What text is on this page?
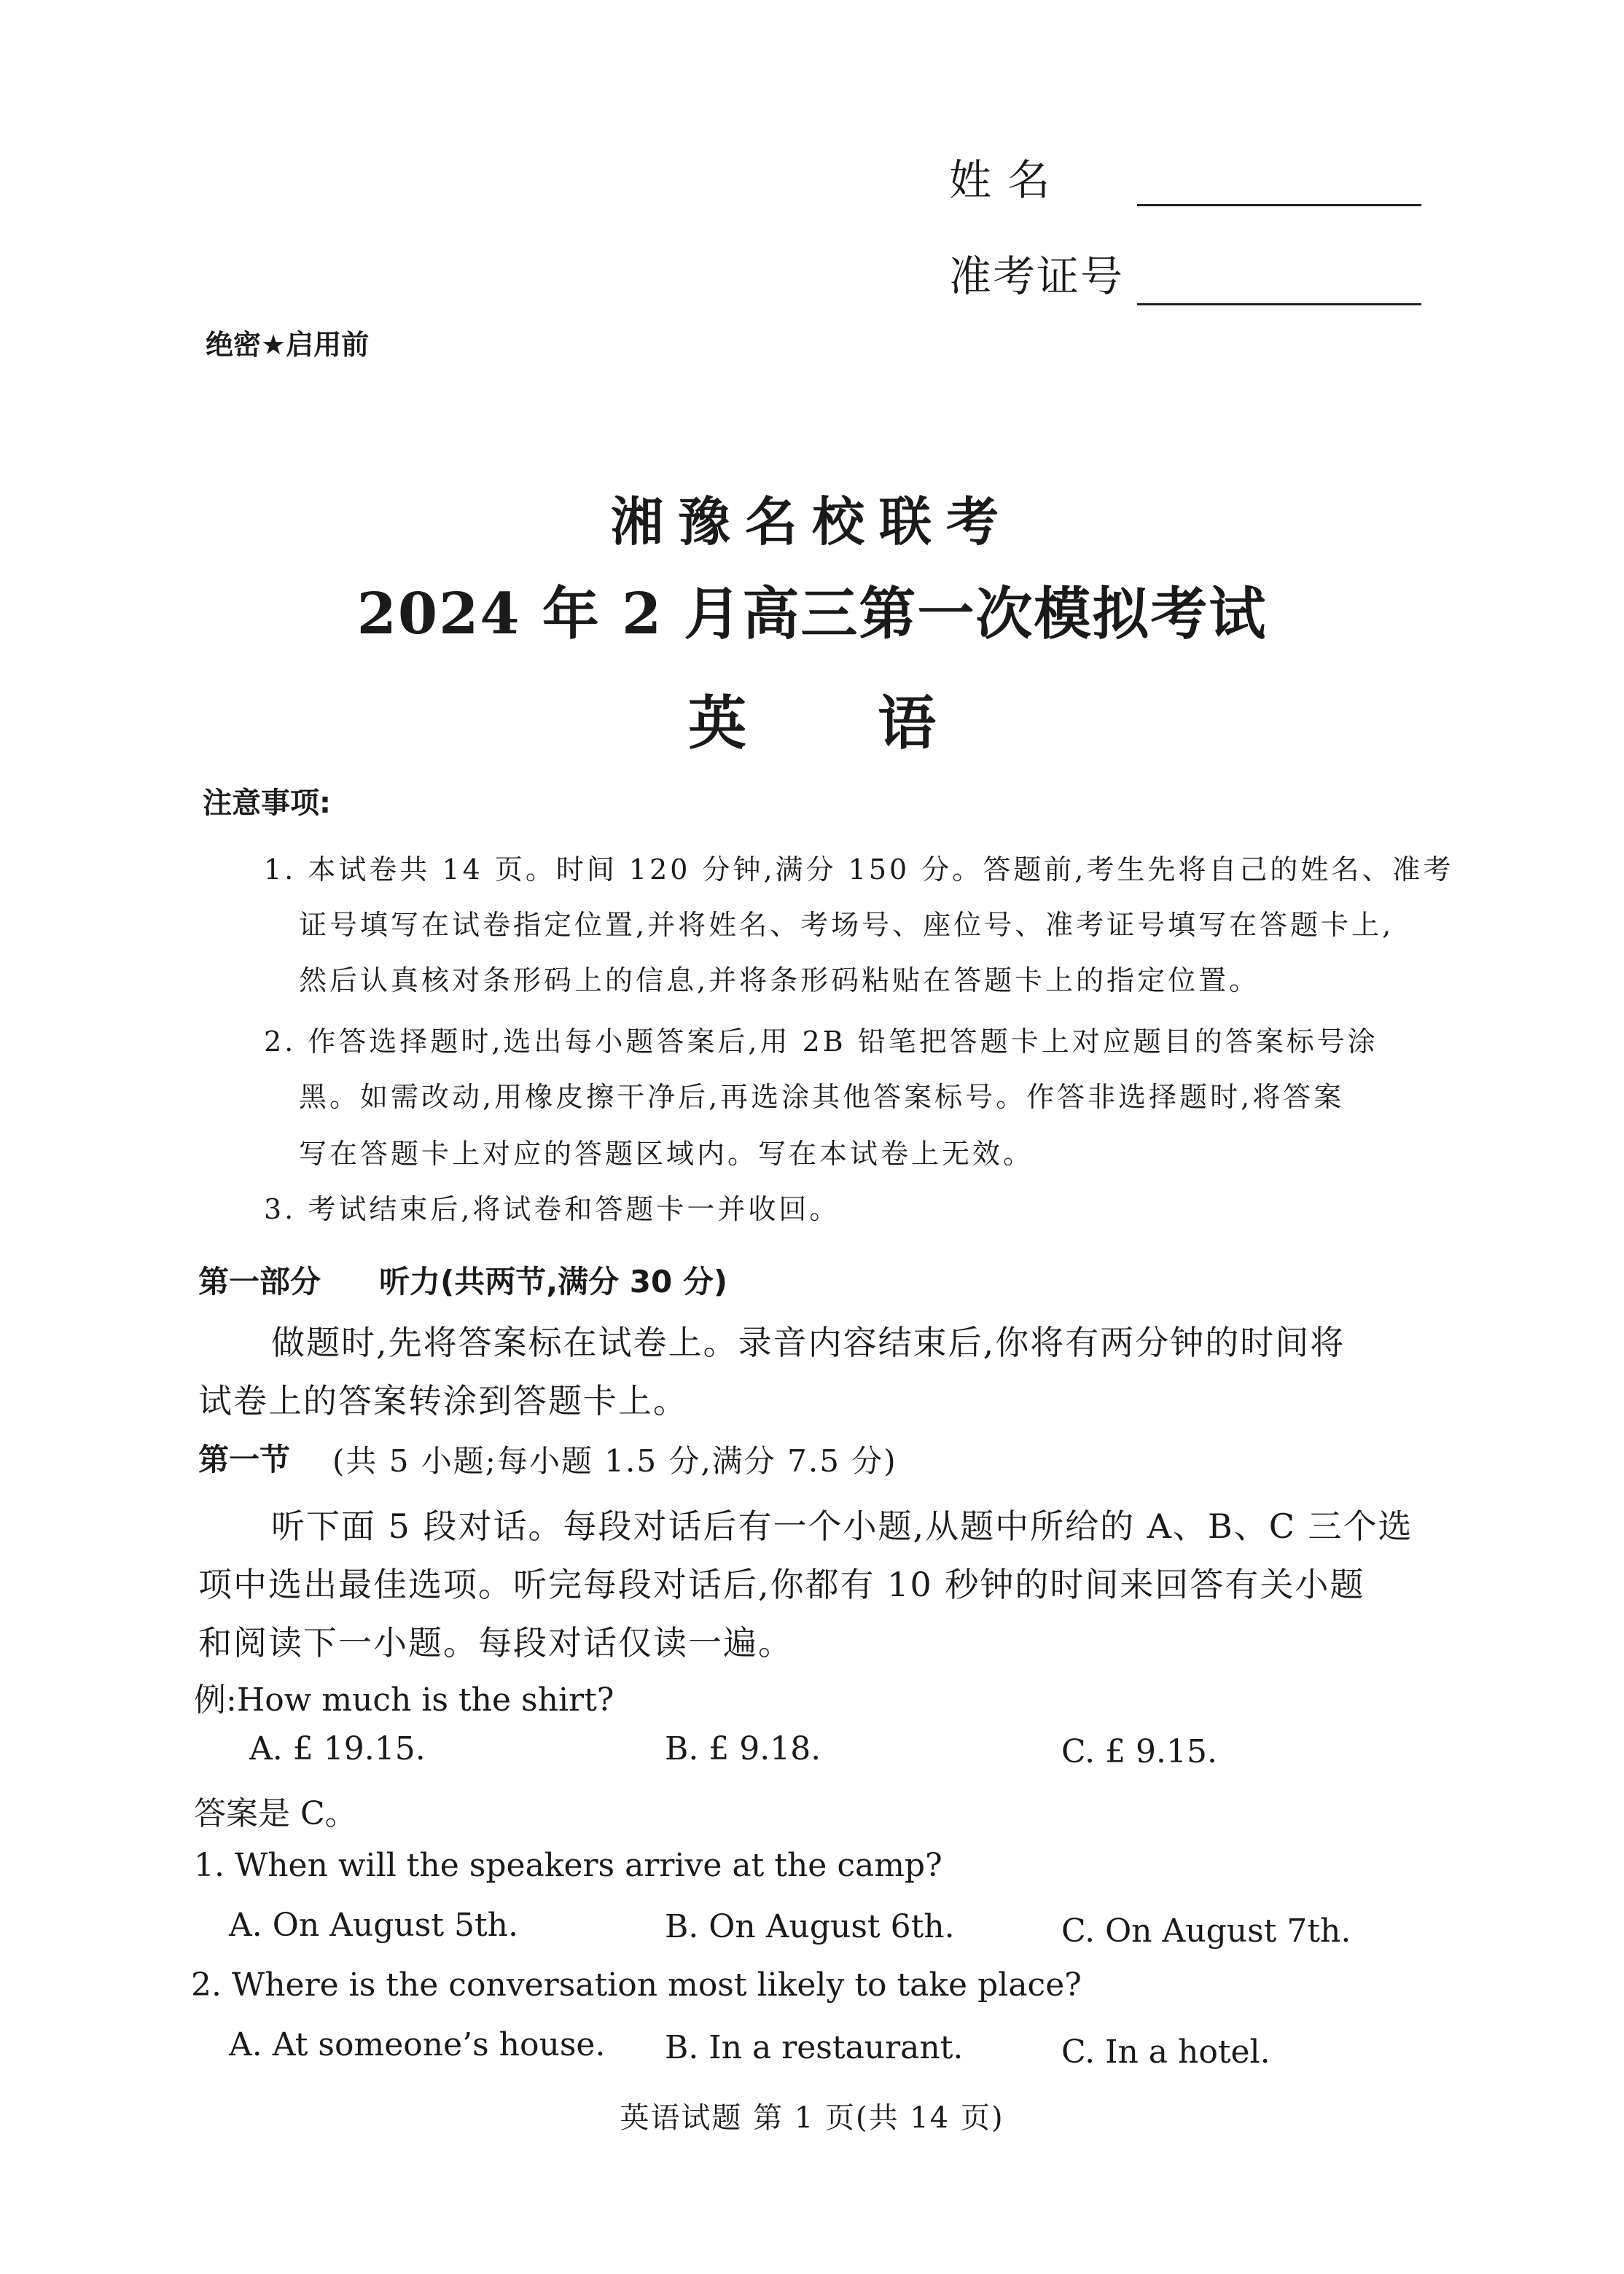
姓 名
准考证号
绝密★启用前
湘豫名校联考
2024 年 2 月高三第一次模拟考试
英语
注意事项:
1. 本试卷共 14 页。时间 120 分钟,满分 150 分。答题前,考生先将自己的姓名、准考
证号填写在试卷指定位置,并将姓名、考场号、座位号、准考证号填写在答题卡上,
然后认真核对条形码上的信息,并将条形码粘贴在答题卡上的指定位置。
2. 作答选择题时,选出每小题答案后,用 2B 铅笔把答题卡上对应题目的答案标号涂
黑。如需改动,用橡皮擦干净后,再选涂其他答案标号。作答非选择题时,将答案
写在答题卡上对应的答题区域内。写在本试卷上无效。
3. 考试结束后,将试卷和答题卡一并收回。
第一部分 听力(共两节,满分 30 分)
做题时,先将答案标在试卷上。录音内容结束后,你将有两分钟的时间将
试卷上的答案转涂到答题卡上。
第一节 (共 5 小题;每小题 1.5 分,满分 7.5 分)
听下面 5 段对话。每段对话后有一个小题,从题中所给的 A、B、C 三个选
项中选出最佳选项。听完每段对话后,你都有 10 秒钟的时间来回答有关小题
和阅读下一小题。每段对话仅读一遍。
例:How much is the shirt?
A. £ 19.15.	B. £ 9.18.	C. £ 9.15.
答案是 C。
1. When will the speakers arrive at the camp?
A. On August 5th.	B. On August 6th.	C. On August 7th.
2. Where is the conversation most likely to take place?
A. At someone’s house. B. In a restaurant.	C. In a hotel.
英语试题 第 1 页(共 14 页)
